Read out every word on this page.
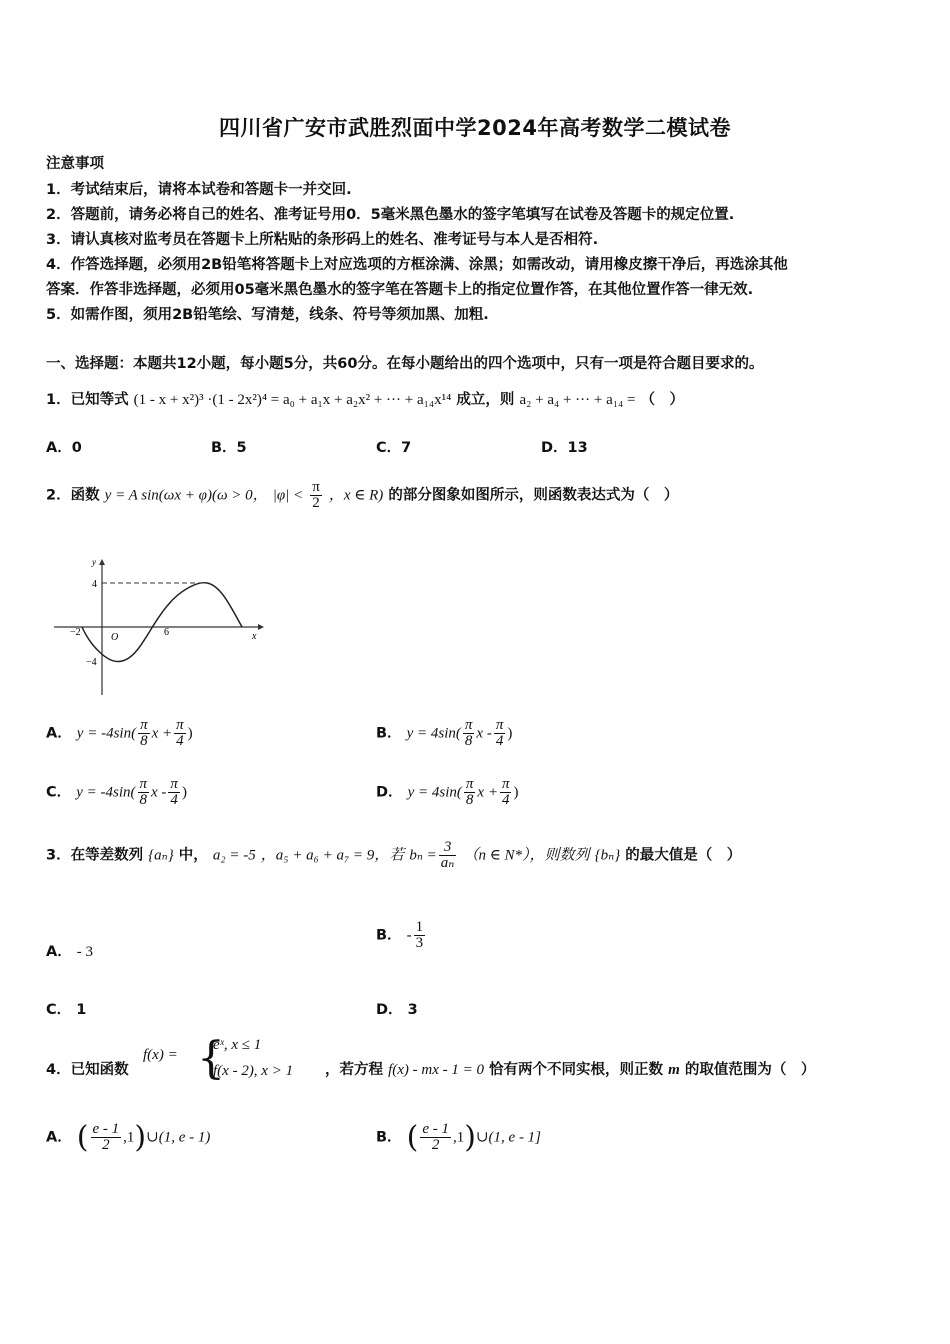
四川省广安市武胜烈面中学2024年高考数学二模试卷
注意事项
1．考试结束后，请将本试卷和答题卡一并交回.
2．答题前，请务必将自己的姓名、准考证号用0．5毫米黑色墨水的签字笔填写在试卷及答题卡的规定位置.
3．请认真核对监考员在答题卡上所粘贴的条形码上的姓名、准考证号与本人是否相符.
4．作答选择题，必须用2B铅笔将答题卡上对应选项的方框涂满、涂黑；如需改动，请用橡皮擦干净后，再选涂其他
答案．作答非选择题，必须用05毫米黑色墨水的签字笔在答题卡上的指定位置作答，在其他位置作答一律无效.
5．如需作图，须用2B铅笔绘、写清楚，线条、符号等须加黑、加粗.
一、选择题：本题共12小题，每小题5分，共60分。在每小题给出的四个选项中，只有一项是符合题目要求的。
1．已知等式 (1 - x + x²)³ ·(1 - 2x²)⁴ = a₀ + a₁x + a₂x² + ··· + a₁₄x¹⁴ 成立，则 a₂ + a₄ + ··· + a₁₄ = （　）
A．0	B．5	C．7	D．13
2．函数 y = A sin(ωx + φ)(ω > 0， $|\varphi| < \frac{\pi}{2}$ ，x ∈ R) 的部分图象如图所示，则函数表达式为（　）
y
x
4
−4
−2	O	6
A． $y = -4\sin( \frac{\pi}{8}$ $x + \frac{\pi}{4}$ )	B． $y = 4\sin( \frac{\pi}{8}$ x - $\frac{\pi}{4}$ )
C． $y = -4\sin( \frac{\pi}{8}$ x - $\frac{\pi}{4}$ )	D． $y = 4\sin( \frac{\pi}{8}$ $x + \frac{\pi}{4}$ )
3．在等差数列 {aₙ} 中， a₂ = -5 ，a₅ + a₆ + a₇ = 9，若 $b_n = \frac{3}{\text{aₙ}} (n$ ∈ N*），则数列 {bₙ} 的最大值是（　）
A． - 3
B． - $\frac{1}{3}$
C． 1	D． 3
4．已知函数
f(x) = {
eˣ, x ≤ 1
f(x - 2), x > 1 ，若方程 f(x) - mx - 1 = 0 恰有两个不同实根，则正数 m 的取值范围为（　）
A． ( $\frac{e - 1}{2}$ ,1)∪(1, e - 1)	B． ( $\frac{e - 1}{2}$ ,1)∪(1, e - 1]
